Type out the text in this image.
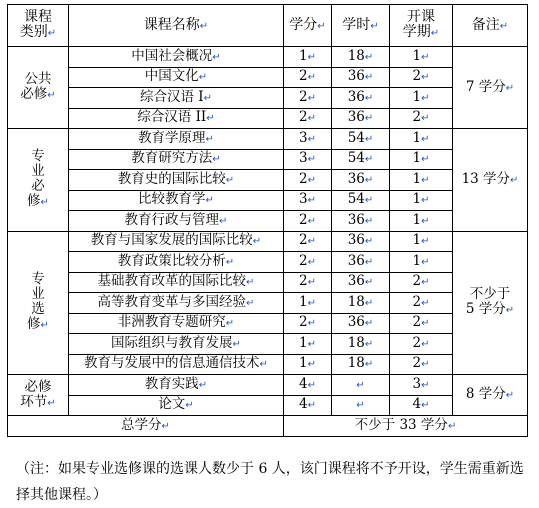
课程
类别↵	课程名称↵	学分↵	学时↵	开课
学期↵	备注↵
公共
必修↵	中国社会概况↵	1↵	18↵	1↵	7 学分↵
	中国文化↵	2↵	36↵	2↵	
	综合汉语 I↵	2↵	36↵	1↵	
	综合汉语 II↵	2↵	36↵	2↵	
专
业
必
修↵	教育学原理↵	3↵	54↵	1↵	13 学分↵
	教育研究方法↵	3↵	54↵	1↵	
	教育史的国际比较↵	2↵	36↵	1↵	
	比较教育学↵	3↵	54↵	1↵	
	教育行政与管理↵	2↵	36↵	1↵	
专
业
选
修↵	教育与国家发展的国际比较↵	2↵	36↵	1↵	不少于
5 学分↵
	教育政策比较分析↵	2↵	36↵	1↵	
	基础教育改革的国际比较↵	2↵	36↵	2↵	
	高等教育变革与多国经验↵	1↵	18↵	2↵	
	非洲教育专题研究↵	2↵	36↵	2↵	
	国际组织与教育发展↵	1↵	18↵	2↵	
	教育与发展中的信息通信技术↵	1↵	18↵	2↵	
必修
环节↵	教育实践↵	4↵	↵	3↵	8 学分↵
	论文↵	4↵	↵	4↵	
总学分↵		不少于 33 学分↵			
（注：如果专业选修课的选课人数少于 6 人，该门课程将不予开设，学生需重新选择其他课程。）
